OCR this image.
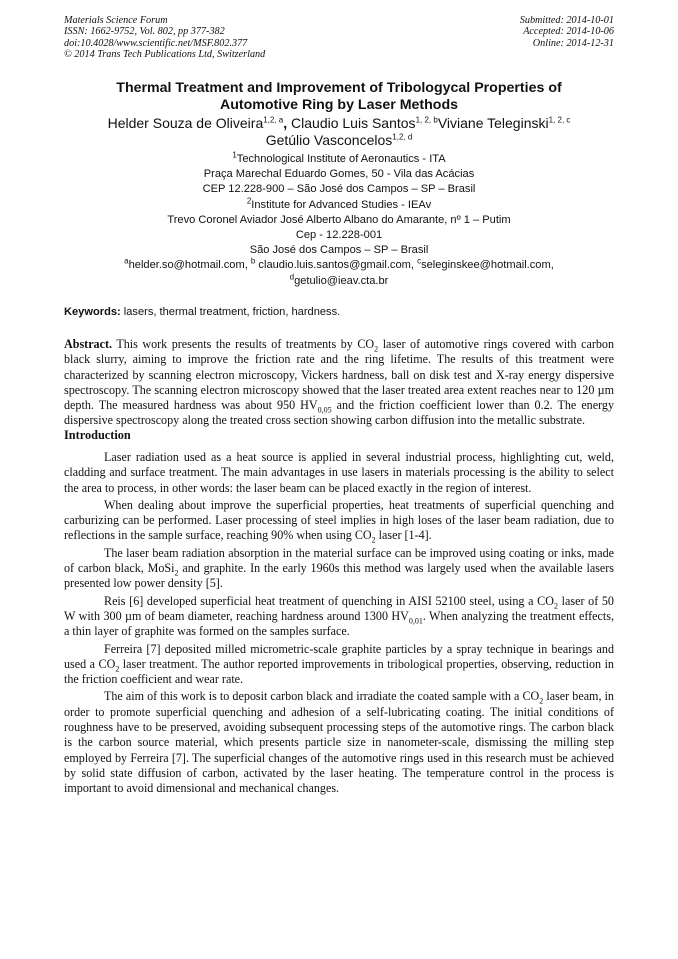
Materials Science Forum
ISSN: 1662-9752, Vol. 802, pp 377-382
doi:10.4028/www.scientific.net/MSF.802.377
© 2014 Trans Tech Publications Ltd, Switzerland
Submitted: 2014-10-01
Accepted: 2014-10-06
Online: 2014-12-31
Thermal Treatment and Improvement of Tribologycal Properties of
Automotive Ring by Laser Methods
Helder Souza de Oliveira$^{1,2, a}$, Claudio Luis Santos$^{1, 2, b}$Viviane Teleginski$^{1, 2, c}$
Getúlio Vasconcelos$^{1,2, d}$
$^1$Technological Institute of Aeronautics - ITA
Praça Marechal Eduardo Gomes, 50 - Vila das Acácias
CEP 12.228-900 – São José dos Campos – SP – Brasil
$^2$Institute for Advanced Studies - IEAv
Trevo Coronel Aviador José Alberto Albano do Amarante, nº 1 – Putim
Cep - 12.228-001
São José dos Campos – SP – Brasil
$^a$helder.so@hotmail.com, $^b$ claudio.luis.santos@gmail.com, $^c$seleginskee@hotmail.com,
$^d$getulio@ieav.cta.br
Keywords: lasers, thermal treatment, friction, hardness.
Abstract. This work presents the results of treatments by $CO_2$ laser of automotive rings covered with carbon black slurry, aiming to improve the friction rate and the ring lifetime. The results of this treatment were characterized by scanning electron microscopy, Vickers hardness, ball on disk test and X-ray energy dispersive spectroscopy. The scanning electron microscopy showed that the laser treated area extent reaches near to 120 µm depth. The measured hardness was about 950 $HV_{0,05}$ and the friction coefficient lower than 0.2. The energy dispersive spectroscopy along the treated cross section showing carbon diffusion into the metallic substrate.
Introduction

Laser radiation used as a heat source is applied in several industrial process, highlighting cut, weld, cladding and surface treatment. The main advantages in use lasers in materials processing is the ability to select the area to process, in other words: the laser beam can be placed exactly in the region of interest.

When dealing about improve the superficial properties, heat treatments of superficial quenching and carburizing can be performed. Laser processing of steel implies in high loses of the laser beam radiation, due to reflections in the sample surface, reaching 90% when using $CO_2$ laser [1-4].

The laser beam radiation absorption in the material surface can be improved using coating or inks, made of carbon black, MoSi$_2$ and graphite. In the early 1960s this method was largely used when the available lasers presented low power density [5].

Reis [6] developed superficial heat treatment of quenching in AISI 52100 steel, using a $CO_2$ laser of 50 W with 300 µm of beam diameter, reaching hardness around 1300 $HV_{0,01}$. When analyzing the treatment effects, a thin layer of graphite was formed on the samples surface.

Ferreira [7] deposited milled micrometric-scale graphite particles by a spray technique in bearings and used a $CO_2$ laser treatment. The author reported improvements in tribological properties, observing, reduction in the friction coefficient and wear rate.

The aim of this work is to deposit carbon black and irradiate the coated sample with a $CO_2$ laser beam, in order to promote superficial quenching and adhesion of a self-lubricating coating. The initial conditions of roughness have to be preserved, avoiding subsequent processing steps of the automotive rings. The carbon black is the carbon source material, which presents particle size in nanometer-scale, dismissing the milling step employed by Ferreira [7]. The superficial changes of the automotive rings used in this research must be achieved by solid state diffusion of carbon, activated by the laser heating. The temperature control in the process is important to avoid dimensional and mechanical changes.
